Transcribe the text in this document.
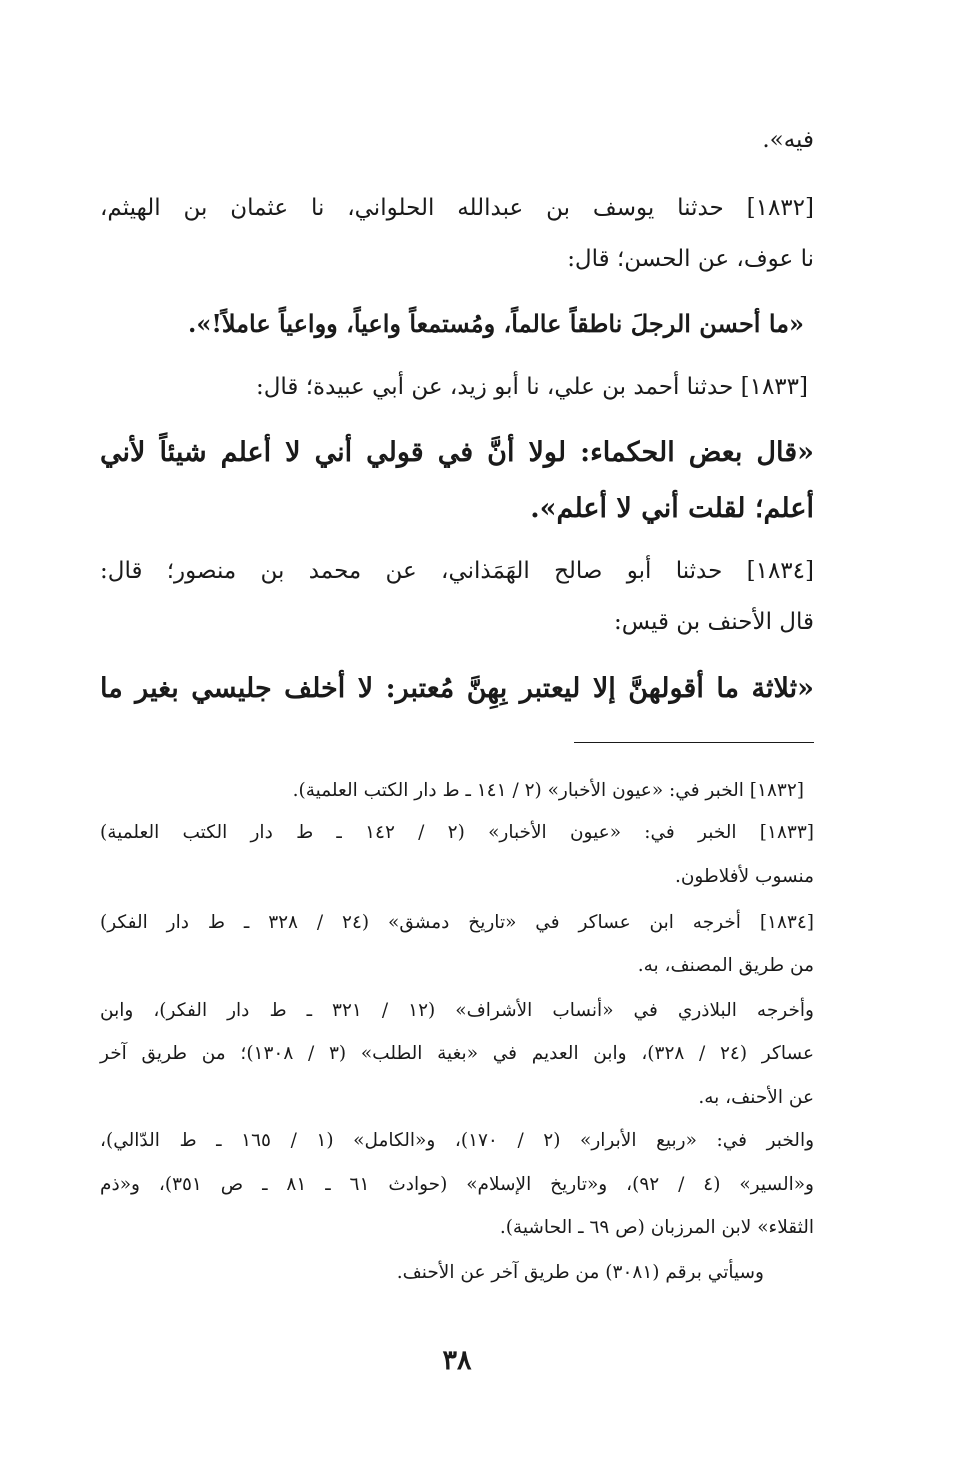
فيه».
[١٨٣٢] حدثنا يوسف بن عبدالله الحلواني، نا عثمان بن الهيثم،
نا عوف، عن الحسن؛ قال:
«ما أحسن الرجلَ ناطقاً عالماً، ومُستمعاً واعياً، وواعياً عاملاً!».
[١٨٣٣] حدثنا أحمد بن علي، نا أبو زيد، عن أبي عبيدة؛ قال:
«قال بعض الحكماء: لولا أنَّ في قولي أني لا أعلم شيئاً لأني
أعلم؛ لقلت أني لا أعلم».
[١٨٣٤] حدثنا أبو صالح الهَمَذاني، عن محمد بن منصور؛ قال:
قال الأحنف بن قيس:
«ثلاثة ما أقولهنَّ إلا ليعتبر بِهِنَّ مُعتبر: لا أخلف جليسي بغير ما
[١٨٣٢] الخبر في: «عيون الأخبار» (٢ / ١٤١ ـ ط دار الكتب العلمية).
[١٨٣٣] الخبر في: «عيون الأخبار» (٢ / ١٤٢ ـ ط دار الكتب العلمية)
منسوب لأفلاطون.
[١٨٣٤] أخرجه ابن عساكر في «تاريخ دمشق» (٢٤ / ٣٢٨ ـ ط دار الفكر)
من طريق المصنف، به.
وأخرجه البلاذري في «أنساب الأشراف» (١٢ / ٣٢١ ـ ط دار الفكر)، وابن
عساكر (٢٤ / ٣٢٨)، وابن العديم في «بغية الطلب» (٣ / ١٣٠٨)؛ من طريق آخر
عن الأحنف، به.
والخبر في: «ربيع الأبرار» (٢ / ١٧٠)، و«الكامل» (١ / ١٦٥ ـ ط الدّالي)،
و«السير» (٤ / ٩٢)، و«تاريخ الإسلام» (حوادث ٦١ ـ ٨١ ـ ص ٣٥١)، و«ذم
الثقلاء» لابن المرزبان (ص ٦٩ ـ الحاشية).
وسيأتي برقم (٣٠٨١) من طريق آخر عن الأحنف.
٣٨
